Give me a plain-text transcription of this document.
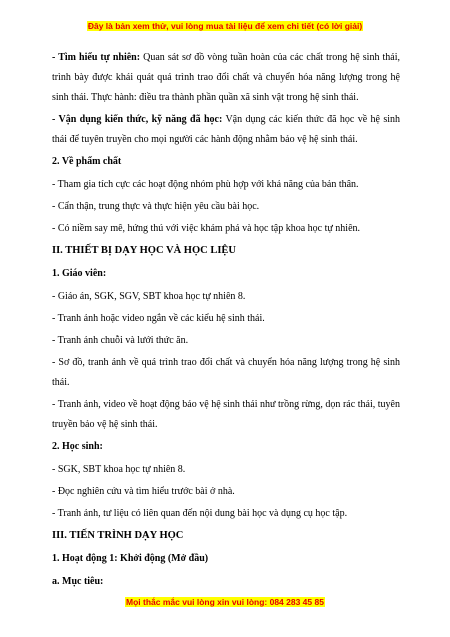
Đây là bản xem thử, vui lòng mua tài liệu để xem chi tiết (có lời giải)

- Tìm hiểu tự nhiên: Quan sát sơ đồ vòng tuần hoàn của các chất trong hệ sinh thái, trình bày được khái quát quá trình trao đổi chất và chuyển hóa năng lượng trong hệ sinh thái. Thực hành: điều tra thành phần quần xã sinh vật trong hệ sinh thái.

- Vận dụng kiến thức, kỹ năng đã học: Vận dụng các kiến thức đã học về hệ sinh thái để tuyên truyền cho mọi người các hành động nhằm bảo vệ hệ sinh thái.

2. Về phẩm chất

- Tham gia tích cực các hoạt động nhóm phù hợp với khả năng của bản thân.

- Cẩn thận, trung thực và thực hiện yêu cầu bài học.

- Có niềm say mê, hứng thú với việc khám phá và học tập khoa học tự nhiên.

II. THIẾT BỊ DẠY HỌC VÀ HỌC LIỆU

1. Giáo viên:

- Giáo án, SGK, SGV, SBT khoa học tự nhiên 8.

- Tranh ảnh hoặc video ngắn về các kiểu hệ sinh thái.

- Tranh ảnh chuỗi và lưới thức ăn.

- Sơ đồ, tranh ảnh về quá trình trao đổi chất và chuyển hóa năng lượng trong hệ sinh thái.

- Tranh ảnh, video về hoạt động bảo vệ hệ sinh thái như trồng rừng, dọn rác thải, tuyên truyền bảo vệ hệ sinh thái.

2. Học sinh:

- SGK, SBT khoa học tự nhiên 8.

- Đọc nghiên cứu và tìm hiểu trước bài ở nhà.

- Tranh ảnh, tư liệu có liên quan đến nội dung bài học và dụng cụ học tập.

III. TIẾN TRÌNH DẠY HỌC

1. Hoạt động 1: Khởi động (Mở đầu)

a. Mục tiêu:

Mọi thắc mắc vui lòng xin vui lòng: 084 283 45 85
